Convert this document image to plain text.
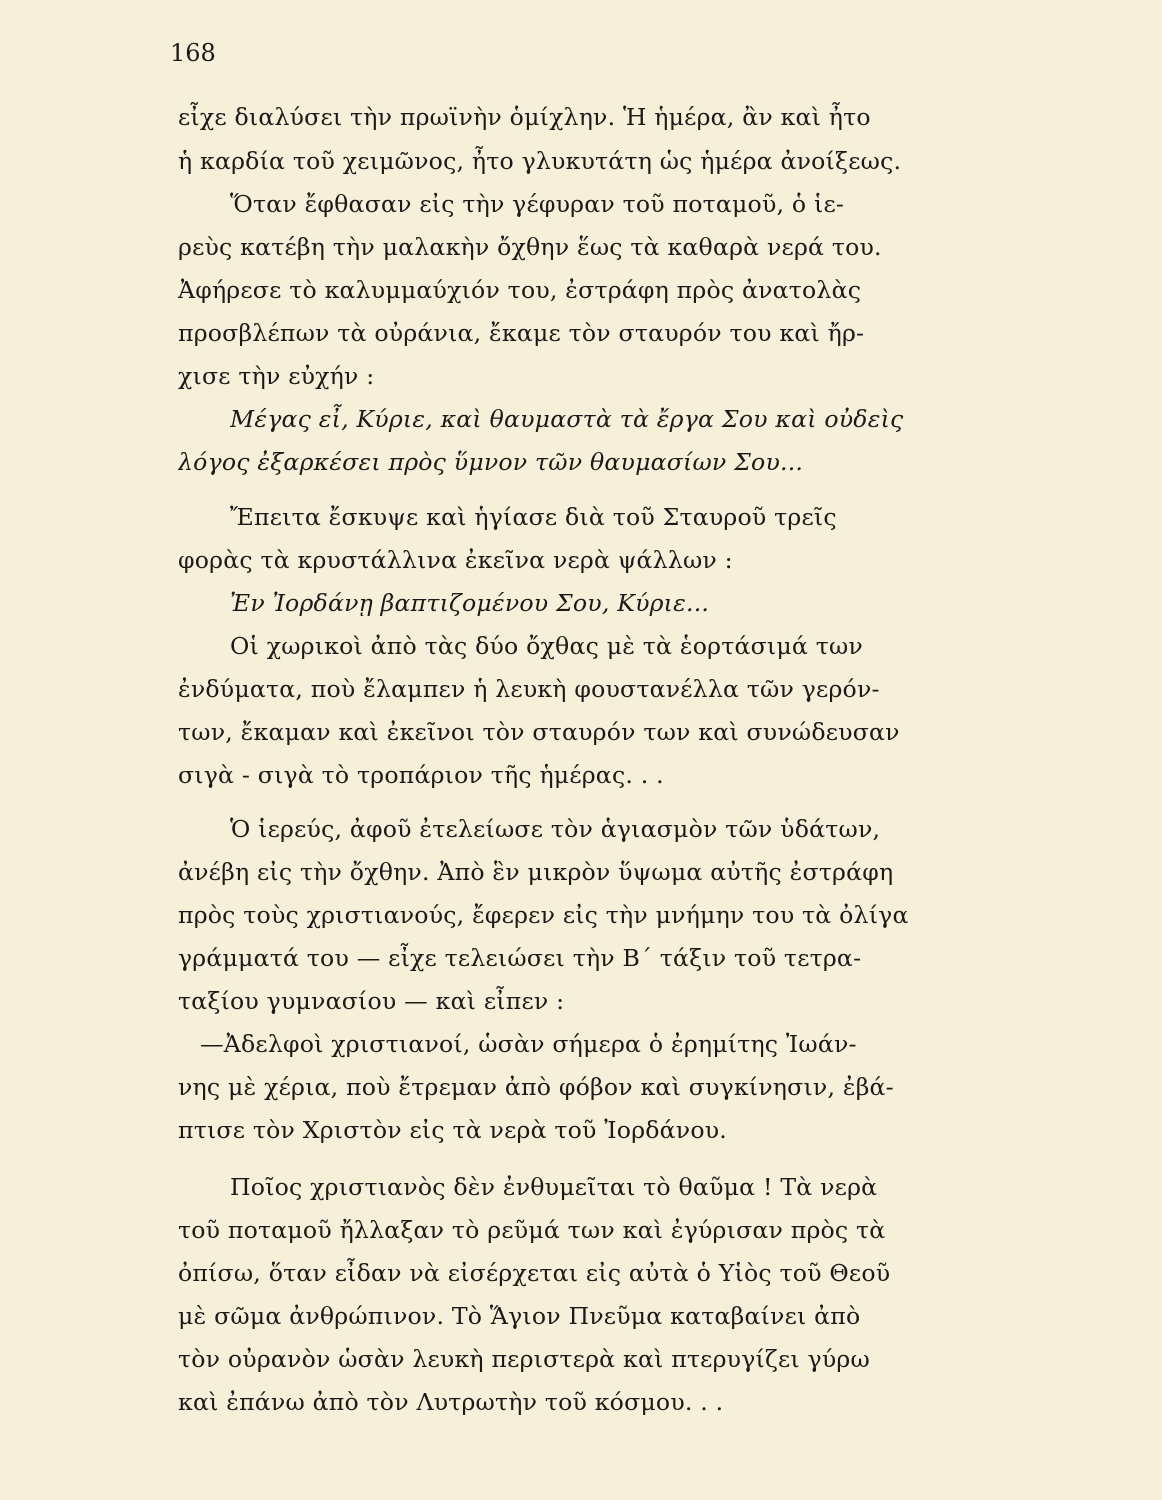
168
εἶχε διαλύσει τὴν πρωϊνὴν ὁμίχλην. Ἡ ἡμέρα, ἂν καὶ ἦτο
ἡ καρδία τοῦ χειμῶνος, ἦτο γλυκυτάτη ὡς ἡμέρα ἀνοίξεως.
Ὅταν ἔφθασαν εἰς τὴν γέφυραν τοῦ ποταμοῦ, ὁ ἱε-
ρεὺς κατέβη τὴν μαλακὴν ὄχθην ἕως τὰ καθαρὰ νερά του.
Ἀφήρεσε τὸ καλυμμαύχιόν του, ἐστράφη πρὸς ἀνατολὰς
προσβλέπων τὰ οὐράνια, ἔκαμε τὸν σταυρόν του καὶ ἤρ-
χισε τὴν εὐχήν :
Μέγας εἶ, Κύριε, καὶ θαυμαστὰ τὰ ἔργα Σου καὶ οὐδεὶς
λόγος ἐξαρκέσει πρὸς ὕμνον τῶν θαυμασίων Σου...
Ἔπειτα ἔσκυψε καὶ ἡγίασε διὰ τοῦ Σταυροῦ τρεῖς
φορὰς τὰ κρυστάλλινα ἐκεῖνα νερὰ ψάλλων :
Ἐν Ἰορδάνῃ βαπτιζομένου Σου, Κύριε...
Οἱ χωρικοὶ ἀπὸ τὰς δύο ὄχθας μὲ τὰ ἑορτάσιμά των
ἐνδύματα, ποὺ ἔλαμπεν ἡ λευκὴ φουστανέλλα τῶν γερόν-
των, ἔκαμαν καὶ ἐκεῖνοι τὸν σταυρόν των καὶ συνώδευσαν
σιγὰ - σιγὰ τὸ τροπάριον τῆς ἡμέρας. . .
Ὁ ἱερεύς, ἀφοῦ ἐτελείωσε τὸν ἁγιασμὸν τῶν ὑδάτων,
ἀνέβη εἰς τὴν ὄχθην. Ἀπὸ ἓν μικρὸν ὕψωμα αὐτῆς ἐστράφη
πρὸς τοὺς χριστιανούς, ἔφερεν εἰς τὴν μνήμην του τὰ ὀλίγα
γράμματά του — εἶχε τελειώσει τὴν Β΄ τάξιν τοῦ τετρα-
ταξίου γυμνασίου — καὶ εἶπεν :
—Ἀδελφοὶ χριστιανοί, ὡσὰν σήμερα ὁ ἐρημίτης Ἰωάν-
νης μὲ χέρια, ποὺ ἔτρεμαν ἀπὸ φόβον καὶ συγκίνησιν, ἐβά-
πτισε τὸν Χριστὸν εἰς τὰ νερὰ τοῦ Ἰορδάνου.
Ποῖος χριστιανὸς δὲν ἐνθυμεῖται τὸ θαῦμα ! Τὰ νερὰ
τοῦ ποταμοῦ ἤλλαξαν τὸ ρεῦμά των καὶ ἐγύρισαν πρὸς τὰ
ὀπίσω, ὅταν εἶδαν νὰ εἰσέρχεται εἰς αὐτὰ ὁ Υἱὸς τοῦ Θεοῦ
μὲ σῶμα ἀνθρώπινον. Τὸ Ἅγιον Πνεῦμα καταβαίνει ἀπὸ
τὸν οὐρανὸν ὡσὰν λευκὴ περιστερὰ καὶ πτερυγίζει γύρω
καὶ ἐπάνω ἀπὸ τὸν Λυτρωτὴν τοῦ κόσμου. . .
